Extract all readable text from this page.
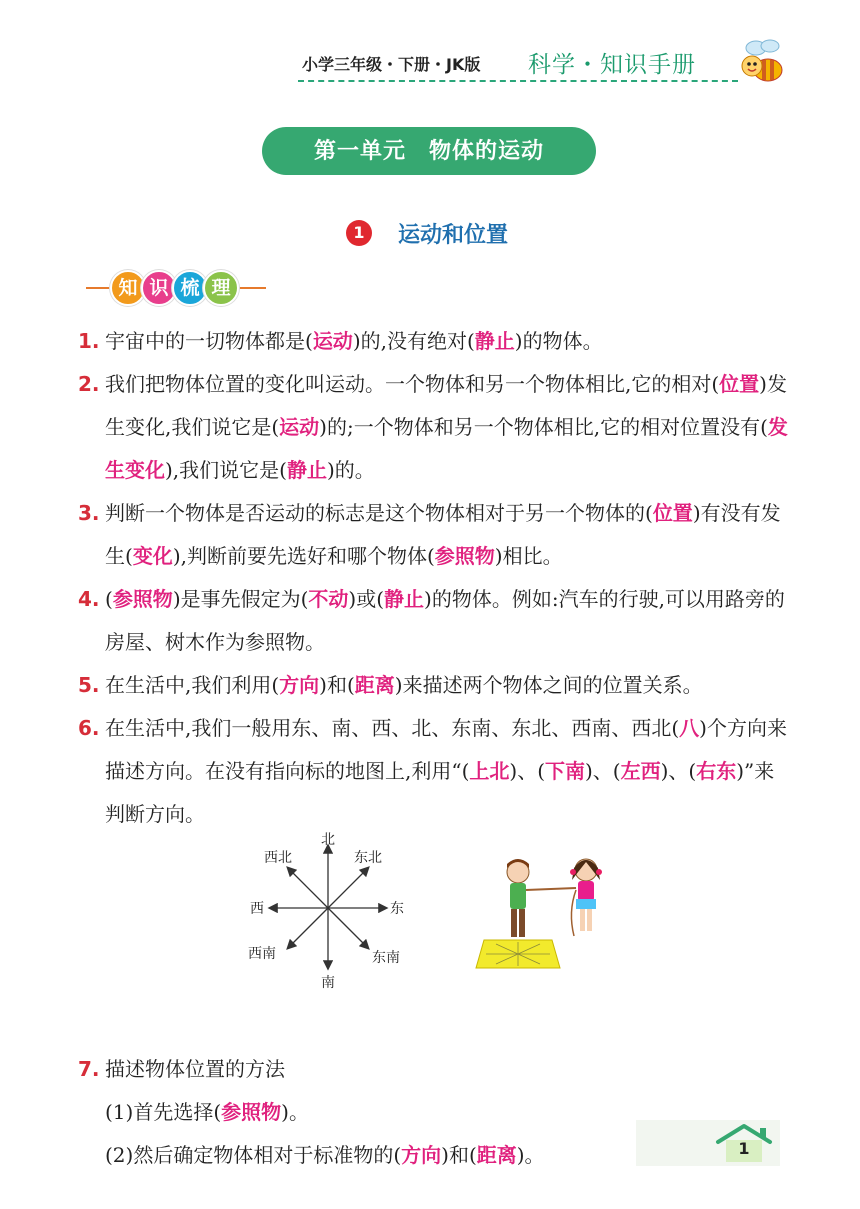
小学三年级・下册・JK版 科学・知识手册
第一单元　物体的运动
1	运动和位置
知 识 梳 理
1. 宇宙中的一切物体都是(运动)的,没有绝对(静止)的物体。
2. 我们把物体位置的变化叫运动。一个物体和另一个物体相比,它的相对(位置)发生变化,我们说它是(运动)的;一个物体和另一个物体相比,它的相对位置没有(发生变化),我们说它是(静止)的。
3. 判断一个物体是否运动的标志是这个物体相对于另一个物体的(位置)有没有发生(变化),判断前要先选好和哪个物体(参照物)相比。
4. (参照物)是事先假定为(不动)或(静止)的物体。例如:汽车的行驶,可以用路旁的房屋、树木作为参照物。
5. 在生活中,我们利用(方向)和(距离)来描述两个物体之间的位置关系。
6. 在生活中,我们一般用东、南、西、北、东南、东北、西南、西北(八)个方向来描述方向。在没有指向标的地图上,利用“(上北)、(下南)、(左西)、(右东)”来判断方向。
7. 描述物体位置的方法
(1)首先选择(参照物)。
(2)然后确定物体相对于标准物的(方向)和(距离)。
北
南
东
西
东北
西北
东南
西南
1
